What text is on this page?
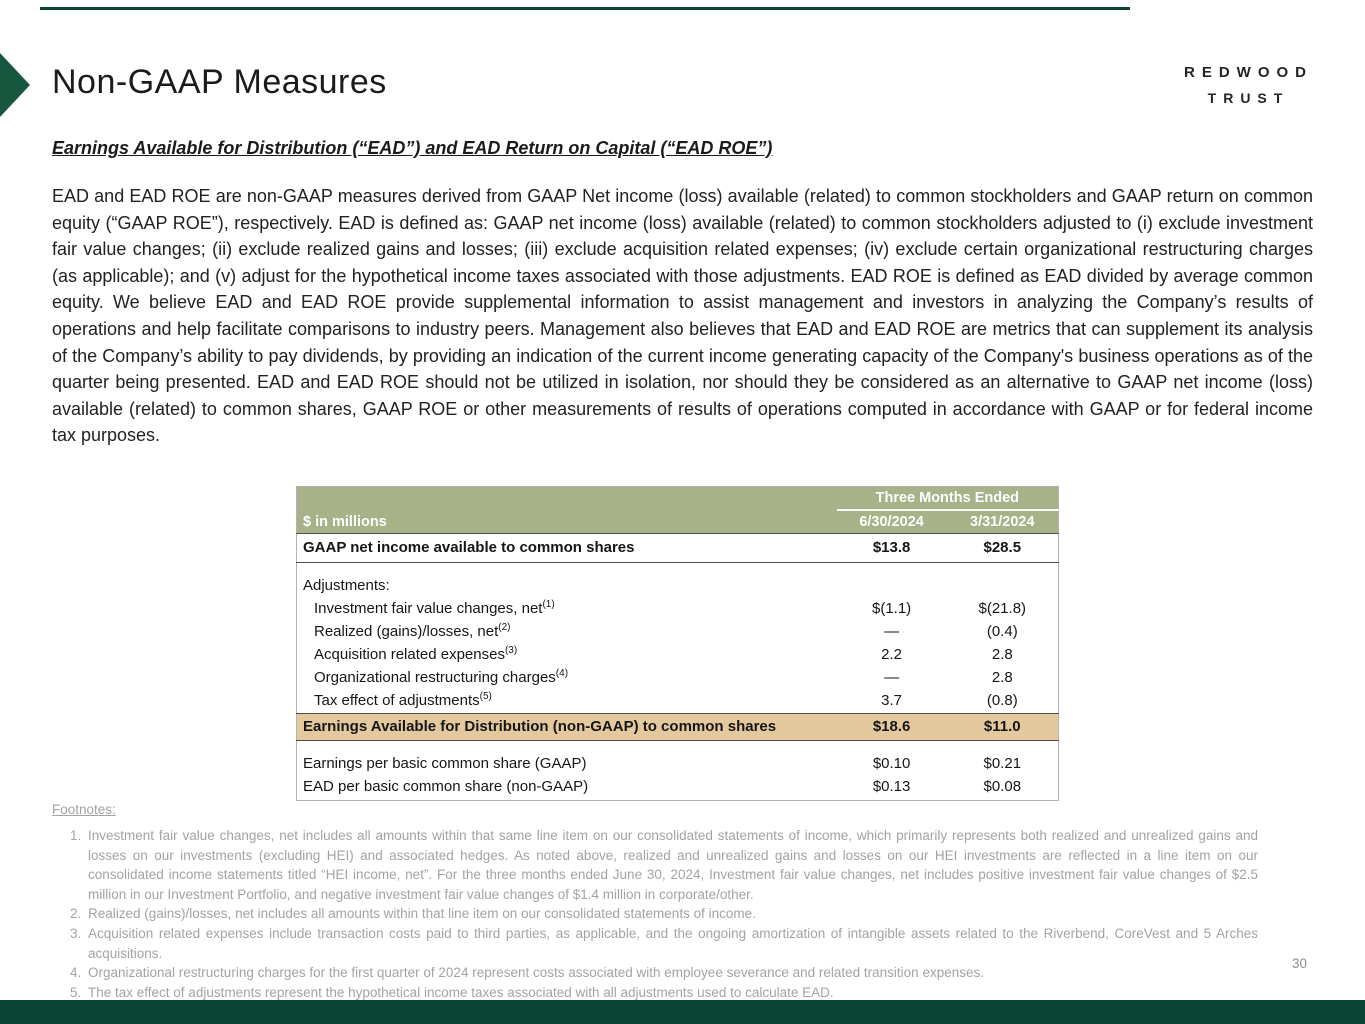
Non-GAAP Measures	REDWOOD
TRUST
Earnings Available for Distribution (“EAD”) and EAD Return on Capital (“EAD ROE”)
EAD and EAD ROE are non-GAAP measures derived from GAAP Net income (loss) available (related) to common stockholders and GAAP return on common equity (“GAAP ROE”), respectively. EAD is defined as: GAAP net income (loss) available (related) to common stockholders adjusted to (i) exclude investment fair value changes; (ii) exclude realized gains and losses; (iii) exclude acquisition related expenses; (iv) exclude certain organizational restructuring charges (as applicable); and (v) adjust for the hypothetical income taxes associated with those adjustments. EAD ROE is defined as EAD divided by average common equity. We believe EAD and EAD ROE provide supplemental information to assist management and investors in analyzing the Company’s results of operations and help facilitate comparisons to industry peers. Management also believes that EAD and EAD ROE are metrics that can supplement its analysis of the Company’s ability to pay dividends, by providing an indication of the current income generating capacity of the Company's business operations as of the quarter being presented. EAD and EAD ROE should not be utilized in isolation, nor should they be considered as an alternative to GAAP net income (loss) available (related) to common shares, GAAP ROE or other measurements of results of operations computed in accordance with GAAP or for federal income tax purposes.
	Three Months Ended	
$ in millions	6/30/2024	3/31/2024
GAAP net income available to common shares	$13.8	$28.5
Adjustments:		
Investment fair value changes, net$^{(1)}$	$(1.1)	$(21.8)
Realized (gains)/losses, net$^{(2)}$	—	(0.4)
Acquisition related expenses$^{(3)}$	2.2	2.8
Organizational restructuring charges$^{(4)}$	—	2.8
Tax effect of adjustments$^{(5)}$	3.7	(0.8)
Earnings Available for Distribution (non-GAAP) to common shares	$18.6	$11.0
Earnings per basic common share (GAAP)	$0.10	$0.21
EAD per basic common share (non-GAAP)	$0.13	$0.08
Footnotes:
1. Investment fair value changes, net includes all amounts within that same line item on our consolidated statements of income, which primarily represents both realized and unrealized gains and losses on our investments (excluding HEI) and associated hedges. As noted above, realized and unrealized gains and losses on our HEI investments are reflected in a line item on our consolidated income statements titled “HEI income, net”. For the three months ended June 30, 2024, Investment fair value changes, net includes positive investment fair value changes of $2.5 million in our Investment Portfolio, and negative investment fair value changes of $1.4 million in corporate/other.
2. Realized (gains)/losses, net includes all amounts within that line item on our consolidated statements of income.
3. Acquisition related expenses include transaction costs paid to third parties, as applicable, and the ongoing amortization of intangible assets related to the Riverbend, CoreVest and 5 Arches acquisitions.
4. Organizational restructuring charges for the first quarter of 2024 represent costs associated with employee severance and related transition expenses.
5. The tax effect of adjustments represent the hypothetical income taxes associated with all adjustments used to calculate EAD.
30
